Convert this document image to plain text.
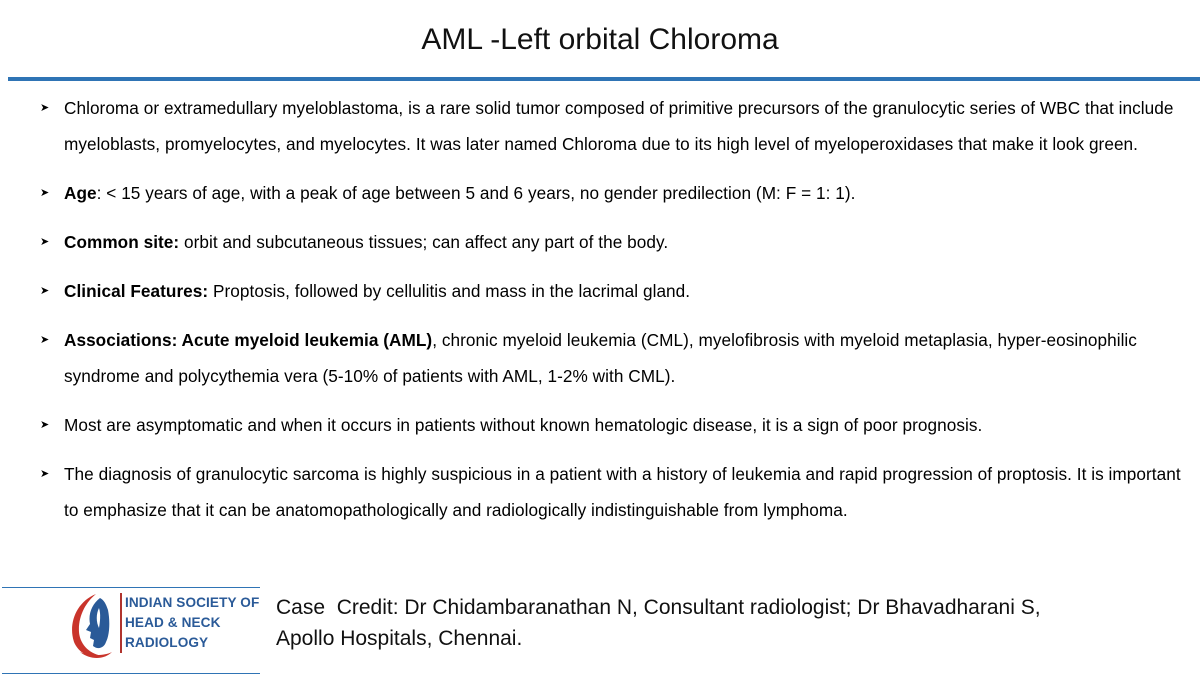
AML -Left orbital Chloroma
➤ Chloroma or extramedullary myeloblastoma, is a rare solid tumor composed of primitive precursors of the granulocytic series of WBC that include myeloblasts, promyelocytes, and myelocytes. It was later named Chloroma due to its high level of myeloperoxidases that make it look green.
➤ Age: < 15 years of age, with a peak of age between 5 and 6 years, no gender predilection (M: F = 1: 1).
➤ Common site: orbit and subcutaneous tissues; can affect any part of the body.
➤ Clinical Features: Proptosis, followed by cellulitis and mass in the lacrimal gland.
➤ Associations: Acute myeloid leukemia (AML), chronic myeloid leukemia (CML), myelofibrosis with myeloid metaplasia, hyper-eosinophilic syndrome and polycythemia vera (5-10% of patients with AML, 1-2% with CML).
➤ Most are asymptomatic and when it occurs in patients without known hematologic disease, it is a sign of poor prognosis.
➤ The diagnosis of granulocytic sarcoma is highly suspicious in a patient with a history of leukemia and rapid progression of proptosis. It is important to emphasize that it can be anatomopathologically and radiologically indistinguishable from lymphoma.
INDIAN SOCIETY OF
HEAD & NECK
RADIOLOGY
Case  Credit: Dr Chidambaranathan N, Consultant radiologist; Dr Bhavadharani S,
Apollo Hospitals, Chennai.
